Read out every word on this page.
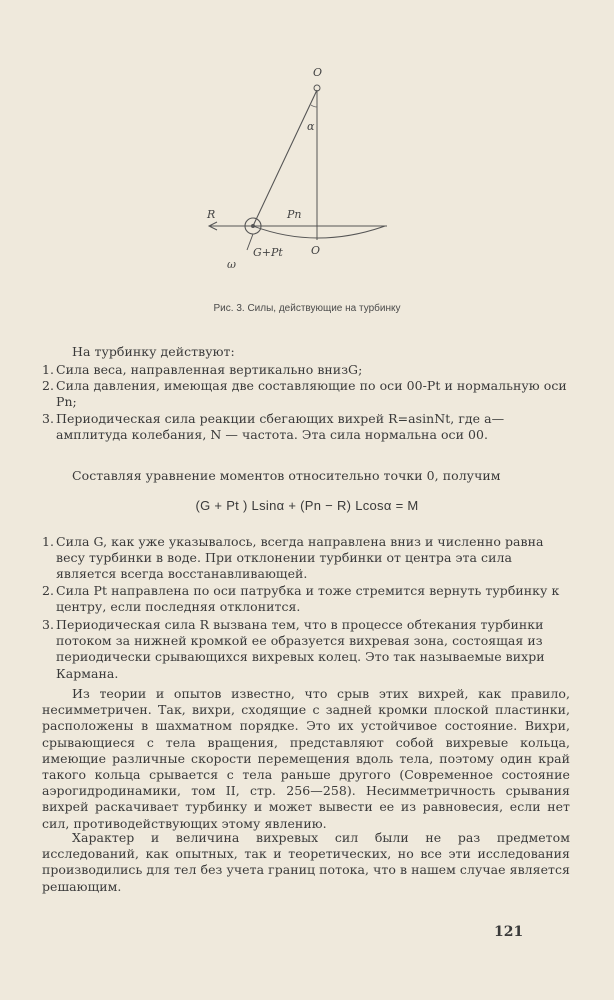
O
α
R	Pn
O
ω
G+Pt
Рис. 3. Силы, действующие на турбинку
На турбинку действуют:
1. Сила веса, направленная вертикально внизG;
2. Сила давления, имеющая две составляющие по оси 00-Pt и нормальную оси Pn;
3. Периодическая сила реакции сбегающих вихрей R=asinNt, где а—амплитуда колебания, N — частота. Эта сила нормальна оси 00.
Составляя уравнение моментов относительно точки 0, получим
(G + Pt ) Lsinα + (Pn − R) Lcosα = M
1. Сила G, как уже указывалось, всегда направлена вниз и численно равна весу турбинки в воде. При отклонении турбинки от центра эта сила является всегда восстанавливающей.
2. Сила Pt направлена по оси патрубка и тоже стремится вернуть турбинку к центру, если последняя отклонится.
3. Периодическая сила R вызвана тем, что в процессе обтекания турбинки потоком за нижней кромкой ее образуется вихревая зона, состоящая из периодически срывающихся вихревых колец. Это так называемые вихри Кармана.
Из теории и опытов известно, что срыв этих вихрей, как правило, несимметричен. Так, вихри, сходящие с задней кромки плоской пластинки, расположены в шахматном порядке. Это их устойчивое состояние. Вихри, срывающиеся с тела вращения, представляют собой вихревые кольца, имеющие различные скорости перемещения вдоль тела, поэтому один край такого кольца срывается с тела раньше другого (Современное состояние аэрогидродинамики, том II, стр. 256—258). Несимметричность срывания вихрей раскачивает турбинку и может вывести ее из равновесия, если нет сил, противодействующих этому явлению.
Характер и величина вихревых сил были не раз предметом исследований, как опытных, так и теоретических, но все эти исследования производились для тел без учета границ потока, что в нашем случае является решающим.
121
